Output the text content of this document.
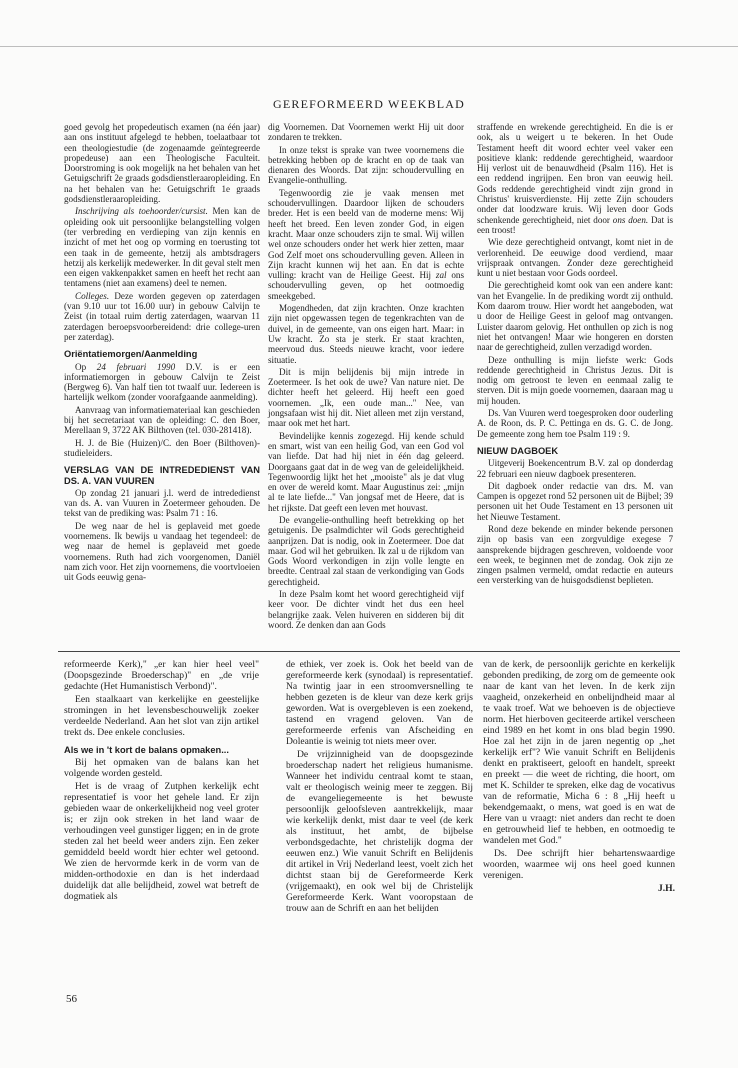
GEREFORMEERD WEEKBLAD

goed gevolg het propedeutisch examen (na één jaar) aan ons instituut afgelegd te hebben, toelaatbaar tot een theologiestudie (de zogenaamde geïntegreerde propedeuse) aan een Theologische Faculteit. Doorstroming is ook mogelijk na het behalen van het Getuigschrift 2e graads godsdienstleraaropleiding. En na het behalen van he: Getuigschrift 1e graads godsdienstleraaropleiding.

Inschrijving als toehoorder/cursist. Men kan de opleiding ook uit persoonlijke belangstelling volgen (ter verbreding en verdieping van zijn kennis en inzicht of met het oog op vorming en toerusting tot een taak in de gemeente, hetzij als ambtsdragers hetzij als kerkelijk medewerker. In dit geval stelt men een eigen vakkenpakket samen en heeft het recht aan tentamens (niet aan examens) deel te nemen.

Colleges. Deze worden gegeven op zaterdagen (van 9.10 uur tot 16.00 uur) in gebouw Calvijn te Zeist (in totaal ruim dertig zaterdagen, waarvan 11 zaterdagen beroepsvoorbereidend: drie college-uren per zaterdag).

Oriëntatiemorgen/Aanmelding

Op 24 februari 1990 D.V. is er een informatiemorgen in gebouw Calvijn te Zeist (Bergweg 6). Van half tien tot twaalf uur. Iedereen is hartelijk welkom (zonder voorafgaande aanmelding).

Aanvraag van informatiemateriaal kan geschieden bij het secretariaat van de opleiding: C. den Boer, Merellaan 9, 3722 AK Bilthoven (tel. 030-281418).

H. J. de Bie (Huizen)/C. den Boer (Bilthoven)-studieleiders.

VERSLAG VAN DE INTREDEDIENST VAN DS. A. VAN VUUREN

Op zondag 21 januari j.l. werd de intrededienst van ds. A. van Vuuren in Zoetermeer gehouden. De tekst van de prediking was: Psalm 71 : 16.

De weg naar de hel is geplaveid met goede voornemens. Ik bewijs u vandaag het tegendeel: de weg naar de hemel is geplaveid met goede voornemens. Ruth had zich voorgenomen, Daniël nam zich voor. Het zijn voornemens, die voortvloeien uit Gods eeuwig gena-

dig Voornemen. Dat Voornemen werkt Hij uit door zondaren te trekken.

In onze tekst is sprake van twee voornemens die betrekking hebben op de kracht en op de taak van dienaren des Woords. Dat zijn: schoudervulling en Evangelie-onthulling.

Tegenwoordig zie je vaak mensen met schoudervullingen. Daardoor lijken de schouders breder. Het is een beeld van de moderne mens: Wij heeft het breed. Een leven zonder God, in eigen kracht. Maar onze schouders zijn te smal. Wij willen wel onze schouders onder het werk hier zetten, maar God Zelf moet ons schoudervulling geven. Alleen in Zijn kracht kunnen wij het aan. En dat is echte vulling: kracht van de Heilige Geest. Hij zal ons schoudervulling geven, op het ootmoedig smeekgebed.

Mogendheden, dat zijn krachten. Onze krachten zijn niet opgewassen tegen de tegenkrachten van de duivel, in de gemeente, van ons eigen hart. Maar: in Uw kracht. Zo sta je sterk. Er staat krachten, meervoud dus. Steeds nieuwe kracht, voor iedere situatie.

Dit is mijn belijdenis bij mijn intrede in Zoetermeer. Is het ook de uwe? Van nature niet. De dichter heeft het geleerd. Hij heeft een goed voornemen. „Ik, een oude man..." Nee, van jongsafaan wist hij dit. Niet alleen met zijn verstand, maar ook met het hart.

Bevindelijke kennis zogezegd. Hij kende schuld en smart, wist van een heilig God, van een God vol van liefde. Dat had hij niet in één dag geleerd. Doorgaans gaat dat in de weg van de geleidelijkheid. Tegenwoordig lijkt het het „mooiste" als je dat vlug en over de wereld komt. Maar Augustinus zei: „mijn al te late liefde..." Van jongsaf met de Heere, dat is het rijkste. Dat geeft een leven met houvast.

De evangelie-onthulling heeft betrekking op het getuigenis. De psalmdichter wil Gods gerechtigheid aanprijzen. Dat is nodig, ook in Zoetermeer. Doe dat maar. God wil het gebruiken. Ik zal u de rijkdom van Gods Woord verkondigen in zijn volle lengte en breedte. Centraal zal staan de verkondiging van Gods gerechtigheid.

In deze Psalm komt het woord gerechtigheid vijf keer voor. De dichter vindt het dus een heel belangrijke zaak. Velen huiveren en sidderen bij dit woord. Ze denken dan aan Gods

straffende en wrekende gerechtigheid. En die is er ook, als u weigert u te bekeren. In het Oude Testament heeft dit woord echter veel vaker een positieve klank: reddende gerechtigheid, waardoor Hij verlost uit de benauwdheid (Psalm 116). Het is een reddend ingrijpen. Een bron van eeuwig heil. Gods reddende gerechtigheid vindt zijn grond in Christus' kruisverdienste. Hij zette Zijn schouders onder dat loodzware kruis. Wij leven door Gods schenkende gerechtigheid, niet door ons doen. Dat is een troost!

Wie deze gerechtigheid ontvangt, komt niet in de verlorenheid. De eeuwige dood verdiend, maar vrijspraak ontvangen. Zonder deze gerechtigheid kunt u niet bestaan voor Gods oordeel.

Die gerechtigheid komt ook van een andere kant: van het Evangelie. In de prediking wordt zij onthuld. Kom daarom trouw. Hier wordt het aangeboden, wat u door de Heilige Geest in geloof mag ontvangen. Luister daarom gelovig. Het onthullen op zich is nog niet het ontvangen! Maar wie hongeren en dorsten naar de gerechtigheid, zullen verzadigd worden.

Deze onthulling is mijn liefste werk: Gods reddende gerechtigheid in Christus Jezus. Dit is nodig om getroost te leven en eenmaal zalig te sterven. Dit is mijn goede voornemen, daaraan mag u mij houden.

Ds. Van Vuuren werd toegesproken door ouderling A. de Roon, ds. P. C. Pettinga en ds. G. C. de Jong. De gemeente zong hem toe Psalm 119 : 9.

NIEUW DAGBOEK

Uitgeverij Boekencentrum B.V. zal op donderdag 22 februari een nieuw dagboek presenteren.

Dit dagboek onder redactie van drs. M. van Campen is opgezet rond 52 personen uit de Bijbel; 39 personen uit het Oude Testament en 13 personen uit het Nieuwe Testament.

Rond deze bekende en minder bekende personen zijn op basis van een zorgvuldige exegese 7 aansprekende bijdragen geschreven, voldoende voor een week, te beginnen met de zondag. Ook zijn ze zingen psalmen vermeld, omdat redactie en auteurs een versterking van de huisgodsdienst beplieten.

reformeerde Kerk)," „er kan hier heel veel" (Doopsgezinde Broederschap)" en „de vrije gedachte (Het Humanistisch Verbond)".

Een staalkaart van kerkelijke en geestelijke stromingen in het levensbeschouwelijk zoeker verdeelde Nederland. Aan het slot van zijn artikel trekt ds. Dee enkele conclusies.

Als we in 't kort de balans opmaken...

Bij het opmaken van de balans kan het volgende worden gesteld.

Het is de vraag of Zutphen kerkelijk echt representatief is voor het gehele land. Er zijn gebieden waar de onkerkelijkheid nog veel groter is; er zijn ook streken in het land waar de verhoudingen veel gunstiger liggen; en in de grote steden zal het beeld weer anders zijn. Een zeker gemiddeld beeld wordt hier echter wel getoond. We zien de hervormde kerk in de vorm van de midden-orthodoxie en dan is het inderdaad duidelijk dat alle belijdheid, zowel wat betreft de dogmatiek als

de ethiek, ver zoek is. Ook het beeld van de gereformeerde kerk (synodaal) is representatief. Na twintig jaar in een stroomversnelling te hebben gezeten is de kleur van deze kerk grijs geworden. Wat is overgebleven is een zoekend, tastend en vragend geloven. Van de gereformeerde erfenis van Afscheiding en Doleantie is weinig tot niets meer over.

De vrijzinnigheid van de doopsgezinde broederschap nadert het religieus humanisme. Wanneer het individu centraal komt te staan, valt er theologisch weinig meer te zeggen. Bij de evangeliegemeente is het bewuste persoonlijk geloofsleven aantrekkelijk, maar wie kerkelijk denkt, mist daar te veel (de kerk als instituut, het ambt, de bijbelse verbondsgedachte, het christelijk dogma der eeuwen enz.) Wie vanuit Schrift en Belijdenis dit artikel in Vrij Nederland leest, voelt zich het dichtst staan bij de Gereformeerde Kerk (vrijgemaakt), en ook wel bij de Christelijk Gereformeerde Kerk. Want vooropstaan de trouw aan de Schrift en aan het belijden

van de kerk, de persoonlijk gerichte en kerkelijk gebonden prediking, de zorg om de gemeente ook naar de kant van het leven. In de kerk zijn vaagheid, onzekerheid en onbelijndheid maar al te vaak troef. Wat we behoeven is de objectieve norm. Het hierboven geciteerde artikel verscheen eind 1989 en het komt in ons blad begin 1990. Hoe zal het zijn in de jaren negentig op „het kerkelijk erf"? Wie vanuit Schrift en Belijdenis denkt en praktiseert, gelooft en handelt, spreekt en preekt — die weet de richting, die hoort, om met K. Schilder te spreken, elke dag de vocativus van de reformatie, Micha 6 : 8 „Hij heeft u bekendgemaakt, o mens, wat goed is en wat de Here van u vraagt: niet anders dan recht te doen en getrouwheid lief te hebben, en ootmoedig te wandelen met God."

Ds. Dee schrijft hier behartenswaardige woorden, waarmee wij ons heel goed kunnen verenigen.

J.H.

56
